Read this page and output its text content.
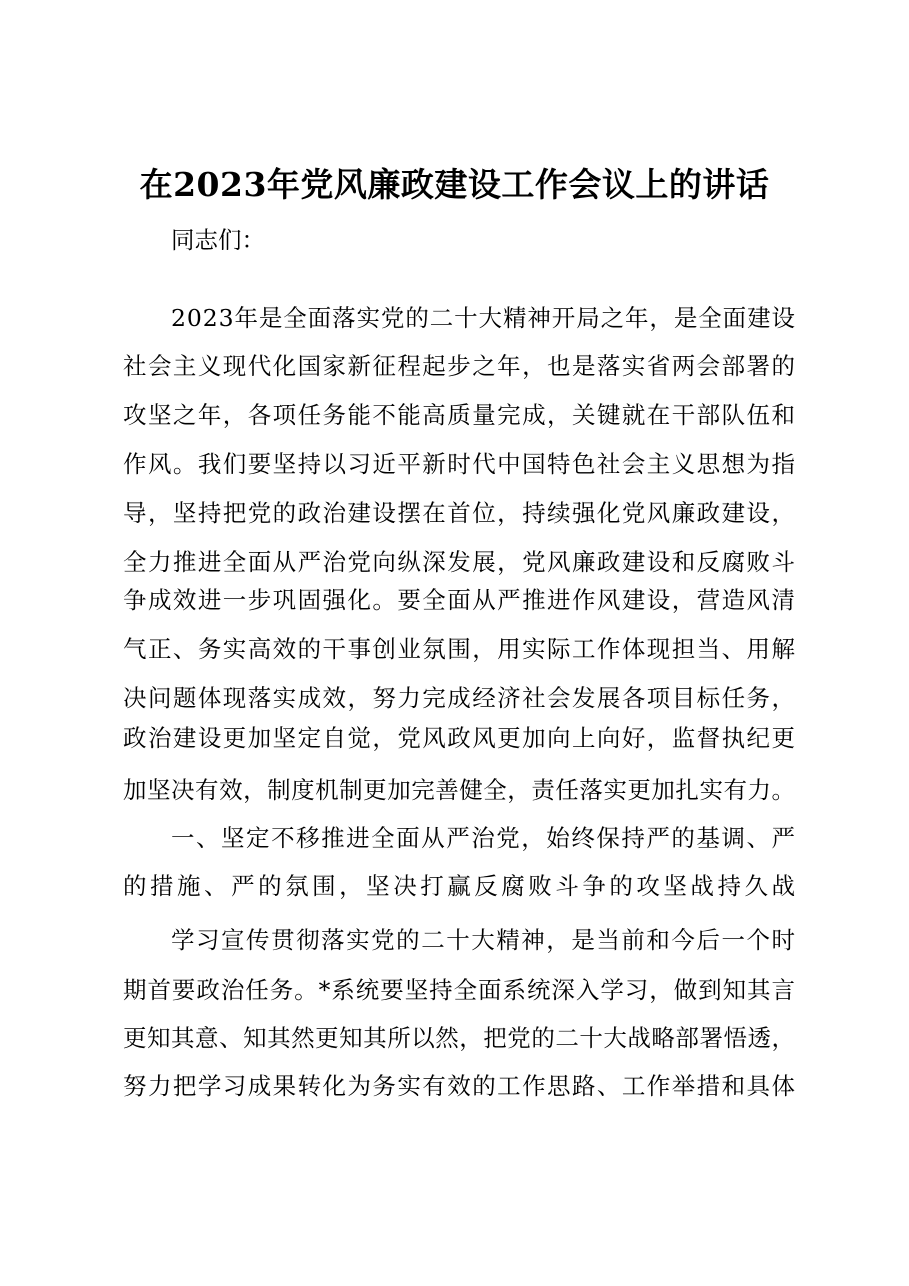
在2023年党风廉政建设工作会议上的讲话
同志们：
2023年是全面落实党的二十大精神开局之年，是全面建设
社会主义现代化国家新征程起步之年，也是落实省两会部署的
攻坚之年，各项任务能不能高质量完成，关键就在干部队伍和
作风。我们要坚持以习近平新时代中国特色社会主义思想为指
导，坚持把党的政治建设摆在首位，持续强化党风廉政建设，
全力推进全面从严治党向纵深发展，党风廉政建设和反腐败斗
争成效进一步巩固强化。要全面从严推进作风建设，营造风清
气正、务实高效的干事创业氛围，用实际工作体现担当、用解
决问题体现落实成效，努力完成经济社会发展各项目标任务，
政治建设更加坚定自觉，党风政风更加向上向好，监督执纪更
加坚决有效，制度机制更加完善健全，责任落实更加扎实有力。
一、坚定不移推进全面从严治党，始终保持严的基调、严
的措施、严的氛围，坚决打赢反腐败斗争的攻坚战持久战
学习宣传贯彻落实党的二十大精神，是当前和今后一个时
期首要政治任务。*系统要坚持全面系统深入学习，做到知其言
更知其意、知其然更知其所以然，把党的二十大战略部署悟透，
努力把学习成果转化为务实有效的工作思路、工作举措和具体
